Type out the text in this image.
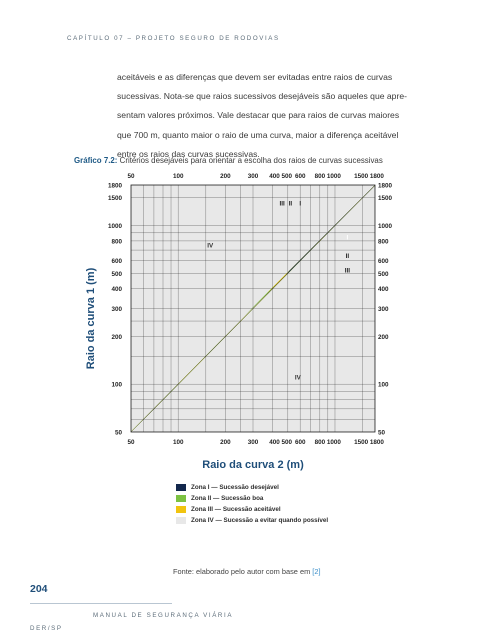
CAPÍTULO 07 – PROJETO SEGURO DE RODOVIAS
aceitáveis e as diferenças que devem ser evitadas entre raios de curvas
sucessivas. Nota-se que raios sucessivos desejáveis são aqueles que apre-
sentam valores próximos. Vale destacar que para raios de curvas maiores
que 700 m, quanto maior o raio de uma curva, maior a diferença aceitável
entre os raios das curvas sucessivas.
Gráfico 7.2: Critérios desejáveis para orientar a escolha dos raios de curvas sucessivas
50
50
100
100
200
200
300
300
400 500
400 500
600
600
800 1000
800 1000
1500 1800
1500 1800
1800	1800
1500	1500
1000	1000
800	800
600	600
500	500
400	400
300	300
200	200
100	100
50	50
III II I
I
II
III
IV
IV
Raio da curva 2 (m)
Raio da curva 1 (m)
Zona I — Sucessão desejável
Zona II — Sucessão boa
Zona III — Sucessão aceitável
Zona IV — Sucessão a evitar quando possível
Fonte: elaborado pelo autor com base em [2]
204
MANUAL DE SEGURANÇA VIÁRIA
DER/SP
